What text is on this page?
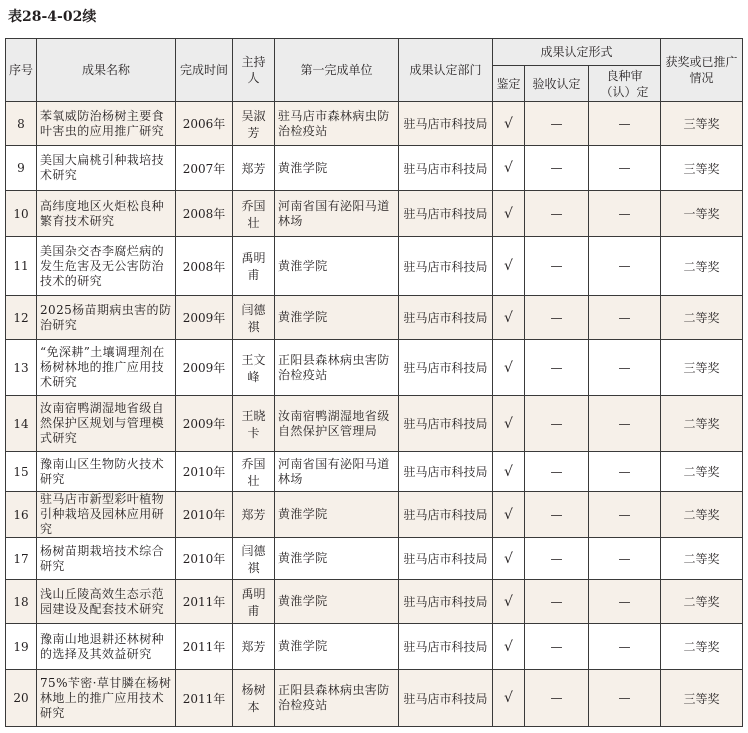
表28-4-02续
序号	成果名称	完成时间	主持人	第一完成单位	成果认定部门	成果认定形式			获奖或已推广情况
						鉴定	验收认定	良种审（认）定	
8	苯氧威防治杨树主要食叶害虫的应用推广研究	2006年	吴淑芳	驻马店市森林病虫防治检疫站	驻马店市科技局	√	—	—	三等奖
9	美国大扁桃引种栽培技术研究	2007年	郑芳	黄淮学院	驻马店市科技局	√	—	—	三等奖
10	高纬度地区火炬松良种繁育技术研究	2008年	乔国壮	河南省国有泌阳马道林场	驻马店市科技局	√	—	—	一等奖
11	美国杂交杏李腐烂病的发生危害及无公害防治技术的研究	2008年	禹明甫	黄淮学院	驻马店市科技局	√	—	—	二等奖
12	2025杨苗期病虫害的防治研究	2009年	闫德祺	黄淮学院	驻马店市科技局	√	—	—	二等奖
13	“免深耕”土壤调理剂在杨树林地的推广应用技术研究	2009年	王文峰	正阳县森林病虫害防治检疫站	驻马店市科技局	√	—	—	三等奖
14	汝南宿鸭湖湿地省级自然保护区规划与管理模式研究	2009年	王晓卡	汝南宿鸭湖湿地省级自然保护区管理局	驻马店市科技局	√	—	—	二等奖
15	豫南山区生物防火技术研究	2010年	乔国壮	河南省国有泌阳马道林场	驻马店市科技局	√	—	—	二等奖
16	驻马店市新型彩叶植物引种栽培及园林应用研究	2010年	郑芳	黄淮学院	驻马店市科技局	√	—	—	二等奖
17	杨树苗期栽培技术综合研究	2010年	闫德祺	黄淮学院	驻马店市科技局	√	—	—	二等奖
18	浅山丘陵高效生态示范园建设及配套技术研究	2011年	禹明甫	黄淮学院	驻马店市科技局	√	—	—	二等奖
19	豫南山地退耕还林树种的选择及其效益研究	2011年	郑芳	黄淮学院	驻马店市科技局	√	—	—	二等奖
20	75%苄密·草甘膦在杨树林地上的推广应用技术研究	2011年	杨树本	正阳县森林病虫害防治检疫站	驻马店市科技局	√	—	—	三等奖
